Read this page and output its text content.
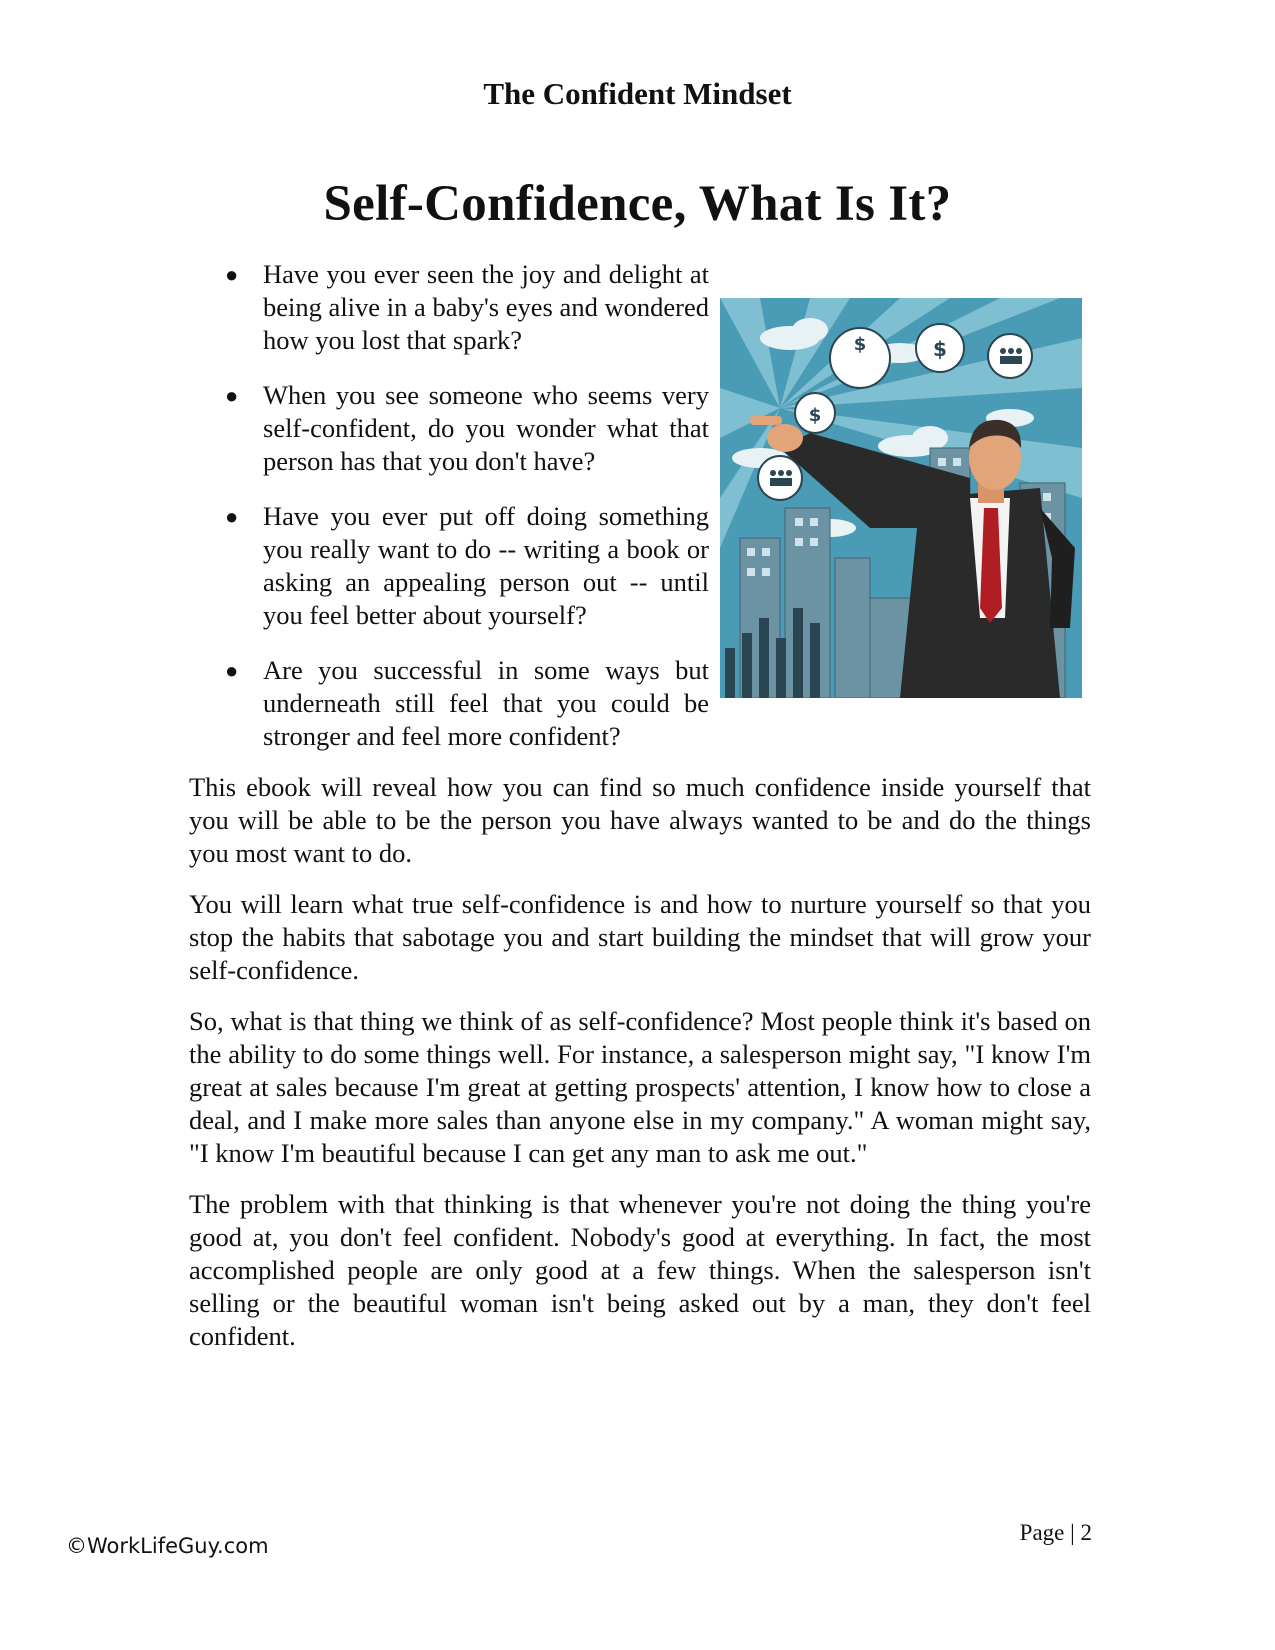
The Confident Mindset
Self-Confidence, What Is It?
● Have you ever seen the joy and delight at being alive in a baby's eyes and wondered how you lost that spark?
● When you see someone who seems very self-confident, do you wonder what that person has that you don't have?
● Have you ever put off doing something you really want to do -- writing a book or asking an appealing person out -- until you feel better about yourself?
● Are you successful in some ways but underneath still feel that you could be stronger and feel more confident?

This ebook will reveal how you can find so much confidence inside yourself that you will be able to be the person you have always wanted to be and do the things you most want to do.

You will learn what true self-confidence is and how to nurture yourself so that you stop the habits that sabotage you and start building the mindset that will grow your self-confidence.

So, what is that thing we think of as self-confidence? Most people think it's based on the ability to do some things well. For instance, a salesperson might say, "I know I'm great at sales because I'm great at getting prospects' attention, I know how to close a deal, and I make more sales than anyone else in my company." A woman might say, "I know I'm beautiful because I can get any man to ask me out."

The problem with that thinking is that whenever you're not doing the thing you're good at, you don't feel confident. Nobody's good at everything. In fact, the most accomplished people are only good at a few things. When the salesperson isn't selling or the beautiful woman isn't being asked out by a man, they don't feel confident.

$	$
$
©WorkLifeGuy.com
Page | 2
